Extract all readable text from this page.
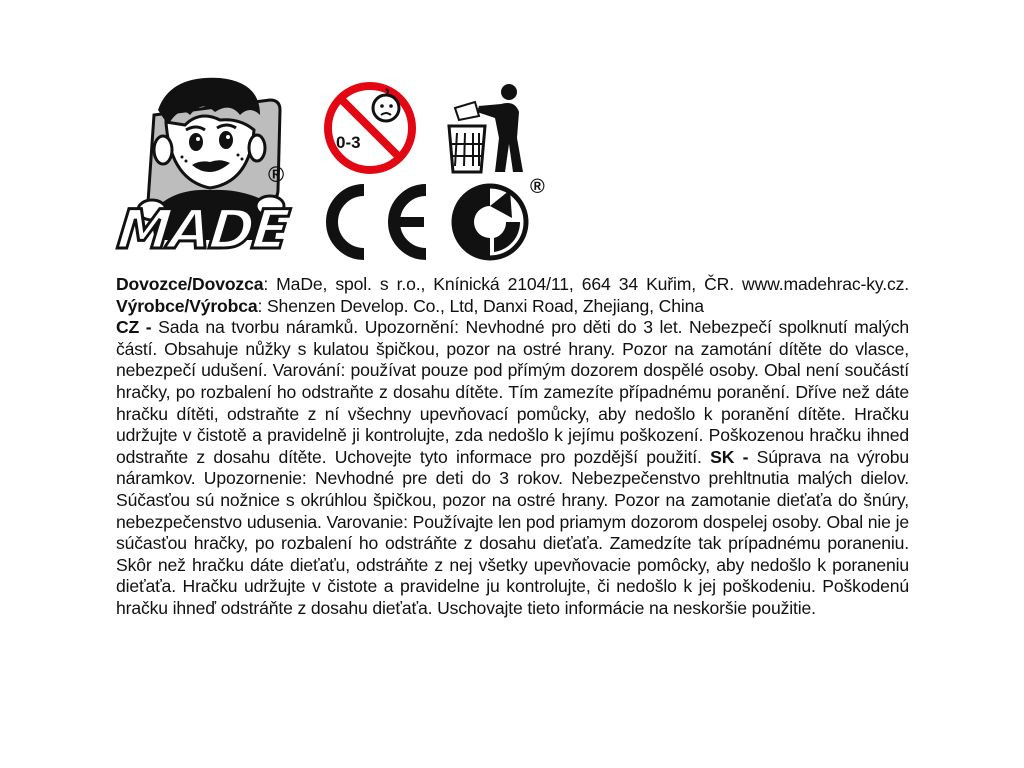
MADE
®
0-3
®

Dovozce/Dovozca: MaDe, spol. s r.o., Knínická 2104/11, 664 34 Kuřim, ČR. www.madehrac-ky.cz. Výrobce/Výrobca: Shenzen Develop. Co., Ltd, Danxi Road, Zhejiang, China

CZ - Sada na tvorbu náramků. Upozornění: Nevhodné pro děti do 3 let. Nebezpečí spolknutí malých částí. Obsahuje nůžky s kulatou špičkou, pozor na ostré hrany. Pozor na zamotání dítěte do vlasce, nebezpečí udušení. Varování: používat pouze pod přímým dozorem dospělé osoby. Obal není součástí hračky, po rozbalení ho odstraňte z dosahu dítěte. Tím zamezíte případnému poranění. Dříve než dáte hračku dítěti, odstraňte z ní všechny upevňovací pomůcky, aby nedošlo k poranění dítěte. Hračku udržujte v čistotě a pravidelně ji kontrolujte, zda nedošlo k jejímu poškození. Poškozenou hračku ihned odstraňte z dosahu dítěte. Uchovejte tyto informace pro pozdější použití. SK - Súprava na výrobu náramkov. Upozornenie: Nevhodné pre deti do 3 rokov. Nebezpečenstvo prehltnutia malých dielov. Súčasťou sú nožnice s okrúhlou špičkou, pozor na ostré hrany. Pozor na zamotanie dieťaťa do šnúry, nebezpečenstvo udusenia. Varovanie: Používajte len pod priamym dozorom dospelej osoby. Obal nie je súčasťou hračky, po rozbalení ho odstráňte z dosahu dieťaťa. Zamedzíte tak prípadnému poraneniu. Skôr než hračku dáte dieťaťu, odstráňte z nej všetky upevňovacie pomôcky, aby nedošlo k poraneniu dieťaťa. Hračku udržujte v čistote a pravidelne ju kontrolujte, či nedošlo k jej poškodeniu. Poškodenú hračku ihneď odstráňte z dosahu dieťaťa. Uschovajte tieto informácie na neskoršie použitie.
